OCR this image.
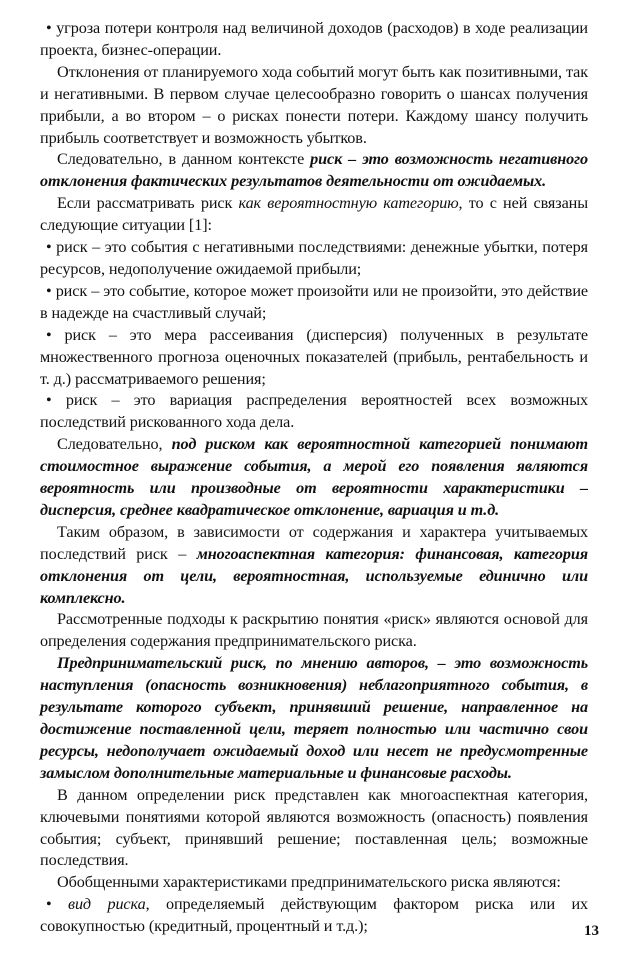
• угроза потери контроля над величиной доходов (расходов) в ходе реализации проекта, бизнес-операции.

Отклонения от планируемого хода событий могут быть как позитивными, так и негативными. В первом случае целесообразно говорить о шансах получения прибыли, а во втором – о рисках понести потери. Каждому шансу получить прибыль соответствует и возможность убытков.

Следовательно, в данном контексте риск – это возможность негативного отклонения фактических результатов деятельности от ожидаемых.

Если рассматривать риск как вероятностную категорию, то с ней связаны следующие ситуации [1]:

• риск – это события с негативными последствиями: денежные убытки, потеря ресурсов, недополучение ожидаемой прибыли;

• риск – это событие, которое может произойти или не произойти, это действие в надежде на счастливый случай;

• риск – это мера рассеивания (дисперсия) полученных в результате множественного прогноза оценочных показателей (прибыль, рентабельность и т. д.) рассматриваемого решения;

• риск – это вариация распределения вероятностей всех возможных последствий рискованного хода дела.

Следовательно, под риском как вероятностной категорией понимают стоимостное выражение события, а мерой его появления являются вероятность или производные от вероятности характеристики – дисперсия, среднее квадратическое отклонение, вариация и т.д.

Таким образом, в зависимости от содержания и характера учитываемых последствий риск – многоаспектная категория: финансовая, категория отклонения от цели, вероятностная, используемые единично или комплексно.

Рассмотренные подходы к раскрытию понятия «риск» являются основой для определения содержания предпринимательского риска.

Предпринимательский риск, по мнению авторов, – это возможность наступления (опасность возникновения) неблагоприятного события, в результате которого субъект, принявший решение, направленное на достижение поставленной цели, теряет полностью или частично свои ресурсы, недополучает ожидаемый доход или несет не предусмотренные замыслом дополнительные материальные и финансовые расходы.

В данном определении риск представлен как многоаспектная категория, ключевыми понятиями которой являются возможность (опасность) появления события; субъект, принявший решение; поставленная цель; возможные последствия.

Обобщенными характеристиками предпринимательского риска являются:

• вид риска, определяемый действующим фактором риска или их совокупностью (кредитный, процентный и т.д.);	13
